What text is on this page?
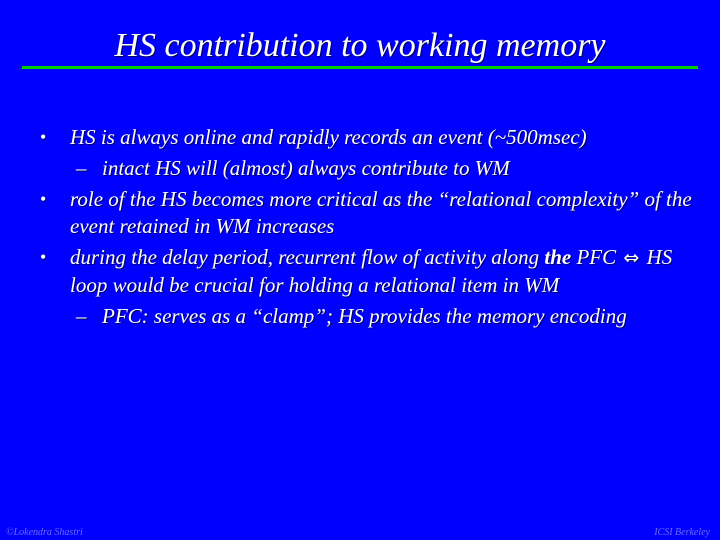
HS contribution to working memory
• HS is always online and rapidly records an event (~500msec)
– intact HS will (almost) always contribute to WM
• role of the HS becomes more critical as the “relational complexity” of the event retained in WM increases
• during the delay period, recurrent flow of activity along the PFC ⇔ HS loop would be crucial for holding a relational item in WM
– PFC: serves as a “clamp”; HS provides the memory encoding
©Lokendra Shastri	ICSI Berkeley
